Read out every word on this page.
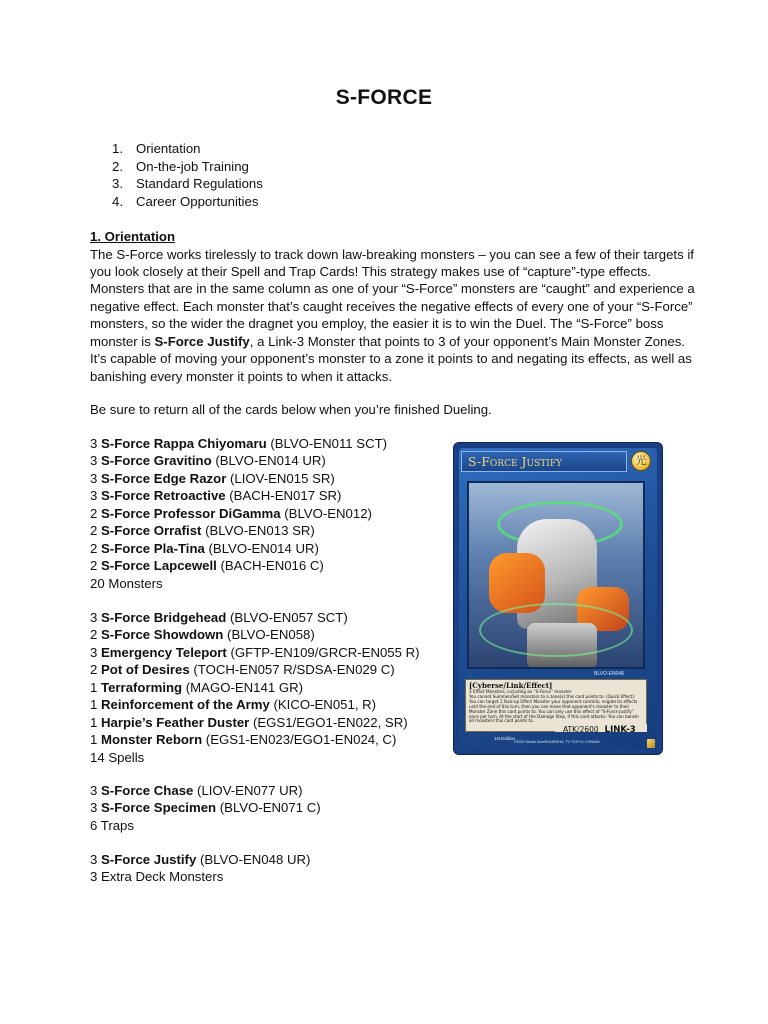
S-FORCE
1. Orientation
2. On-the-job Training
3. Standard Regulations
4. Career Opportunities
1. Orientation
The S-Force works tirelessly to track down law-breaking monsters – you can see a few of their targets if
you look closely at their Spell and Trap Cards! This strategy makes use of “capture”-type effects.
Monsters that are in the same column as one of your “S-Force” monsters are “caught” and experience a
negative effect. Each monster that’s caught receives the negative effects of every one of your “S-Force”
monsters, so the wider the dragnet you employ, the easier it is to win the Duel. The “S-Force” boss
monster is S-Force Justify, a Link-3 Monster that points to 3 of your opponent’s Main Monster Zones.
It’s capable of moving your opponent’s monster to a zone it points to and negating its effects, as well as
banishing every monster it points to when it attacks.
Be sure to return all of the cards below when you’re finished Dueling.
3 S-Force Rappa Chiyomaru (BLVO-EN011 SCT)
3 S-Force Gravitino (BLVO-EN014 UR)
3 S-Force Edge Razor (LIOV-EN015 SR)
3 S-Force Retroactive (BACH-EN017 SR)
2 S-Force Professor DiGamma (BLVO-EN012)
2 S-Force Orrafist (BLVO-EN013 SR)
2 S-Force Pla-Tina (BLVO-EN014 UR)
2 S-Force Lapcewell (BACH-EN016 C)
20 Monsters
3 S-Force Bridgehead (BLVO-EN057 SCT)
2 S-Force Showdown (BLVO-EN058)
3 Emergency Teleport (GFTP-EN109/GRCR-EN055 R)
2 Pot of Desires (TOCH-EN057 R/SDSA-EN029 C)
1 Terraforming (MAGO-EN141 GR)
1 Reinforcement of the Army (KICO-EN051, R)
1 Harpie’s Feather Duster (EGS1/EGO1-EN022, SR)
1 Monster Reborn (EGS1-EN023/EGO1-EN024, C)
14 Spells
3 S-Force Chase (LIOV-EN077 UR)
3 S-Force Specimen (BLVO-EN071 C)
6 Traps
3 S-Force Justify (BLVO-EN048 UR)
3 Extra Deck Monsters
S-Force Justify	光
BLVO-EN048
[Cyberse/Link/Effect]
3 Effect Monsters, including an “S-Force” monster
You cannot Summon/Set monsters to a zone(s) this card points to. (Quick Effect): You can target 1 face-up Effect Monster your opponent controls; negate its effects until the end of this turn, then you can move that opponent's monster to their Monster Zone this card points to. You can only use this effect of “S-Force Justify” once per turn. At the start of the Damage Step, if this card attacks: You can banish all monsters this card points to.
ATK/2600 LINK-3
1st Edition
©2020 Studio Dice/SHUEISHA, TV TOKYO, KONAMI
